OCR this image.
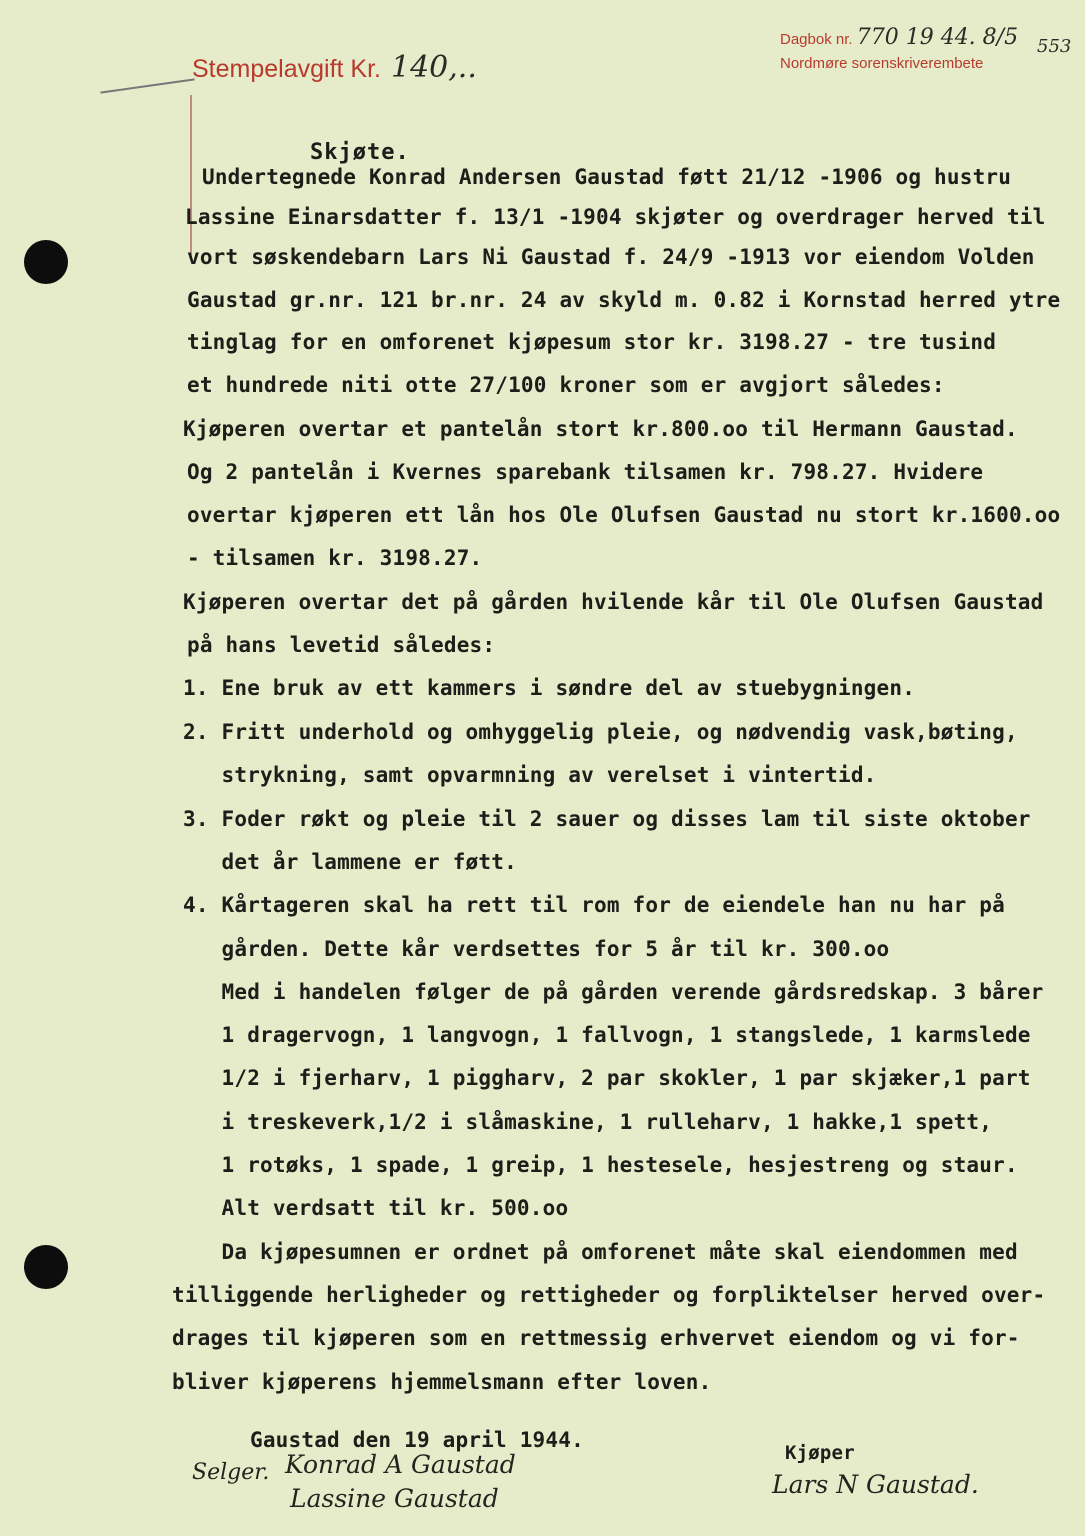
Stempelavgift Kr. 140,..
Dagbok nr. 770 19 44. 8/5
Nordmøre sorenskriverembete
553
Skjøte.
Undertegnede Konrad Andersen Gaustad føtt 21/12 -1906 og hustru
Lassine Einarsdatter f. 13/1 -1904 skjøter og overdrager herved til
vort søskendebarn Lars Ni Gaustad f. 24/9 -1913 vor eiendom Volden
Gaustad gr.nr. 121 br.nr. 24 av skyld m. 0.82 i Kornstad herred ytre
tinglag for en omforenet kjøpesum stor kr. 3198.27 - tre tusind
et hundrede niti otte 27/100 kroner som er avgjort således:
Kjøperen overtar et pantelån stort kr.800.oo til Hermann Gaustad.
Og 2 pantelån i Kvernes sparebank tilsamen kr. 798.27. Hvidere
overtar kjøperen ett lån hos Ole Olufsen Gaustad nu stort kr.1600.oo
- tilsamen kr. 3198.27.
Kjøperen overtar det på gården hvilende kår til Ole Olufsen Gaustad
på hans levetid således:
1. Ene bruk av ett kammers i søndre del av stuebygningen.
2. Fritt underhold og omhyggelig pleie, og nødvendig vask,bøting,
strykning, samt opvarmning av verelset i vintertid.
3. Foder røkt og pleie til 2 sauer og disses lam til siste oktober
det år lammene er føtt.
4. Kårtageren skal ha rett til rom for de eiendele han nu har på
gården. Dette kår verdsettes for 5 år til kr. 300.oo
Med i handelen følger de på gården verende gårdsredskap. 3 bårer
1 dragervogn, 1 langvogn, 1 fallvogn, 1 stangslede, 1 karmslede
1/2 i fjerharv, 1 piggharv, 2 par skokler, 1 par skjæker,1 part
i treskeverk,1/2 i slåmaskine, 1 rulleharv, 1 hakke,1 spett,
1 rotøks, 1 spade, 1 greip, 1 hestesele, hesjestreng og staur.
Alt verdsatt til kr. 500.oo
Da kjøpesumnen er ordnet på omforenet måte skal eiendommen med
tilliggende herligheder og rettigheder og forpliktelser herved over-
drages til kjøperen som en rettmessig erhvervet eiendom og vi for-
bliver kjøperens hjemmelsmann efter loven.
Gaustad den 19 april 1944.
Selger. Konrad A Gaustad
Lassine Gaustad
Kjøper
Lars N Gaustad.
